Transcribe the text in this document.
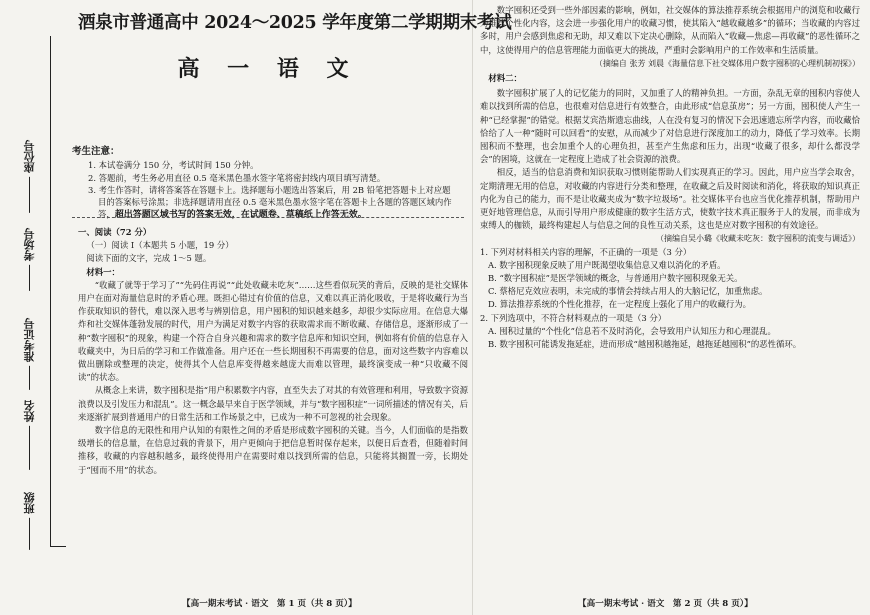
座位号
考场号
准考证号
姓名
班级
酒泉市普通高中 2024～2025 学年度第二学期期末考试
高 一 语 文
考生注意：
1. 本试卷满分 150 分，考试时间 150 分钟。
2. 答题前，考生务必用直径 0.5 毫米黑色墨水签字笔将密封线内项目填写清楚。
3. 考生作答时，请将答案答在答题卡上。选择题每小题选出答案后，用 2B 铅笔把答题卡上对应题目的答案标号涂黑；非选择题请用直径 0.5 毫米黑色墨水签字笔在答题卡上各题的答题区域内作答，超出答题区域书写的答案无效，在试题卷、草稿纸上作答无效。

一、阅读（72 分）

（一）阅读 Ⅰ（本题共 5 小题，19 分）

阅读下面的文字，完成 1～5 题。

材料一：

“收藏了就等于学习了”“先码住再说”“此处收藏未吃灰”……这些看似玩笑的背后，反映的是社交媒体用户在面对海量信息时的矛盾心理。既担心错过有价值的信息，又难以真正消化吸收，于是将收藏行为当作获取知识的替代，难以深入思考与辨别信息，用户囤积的知识越来越多，却很少实际应用。在信息大爆炸和社交媒体蓬勃发展的时代，用户为满足对数字内容的获取需求而不断收藏、存储信息，逐渐形成了一种“数字囤积”的现象，构建一个符合自身兴趣和需求的数字信息库和知识空间，例如将有价值的信息存入收藏夹中，为日后的学习和工作做准备。用户还在一些长期囤积不再需要的信息，面对这些数字内容难以做出删除或整理的决定，使得其个人信息库变得越来越庞大而难以管理，最终演变成一种“只收藏不阅读”的状态。

从概念上来讲，数字囤积是指“用户积累数字内容，直至失去了对其的有效管理和利用，导致数字资源浪费以及引发压力和混乱”。这一概念最早来自于医学领域，并与“数字囤积症”一词所描述的情况有关，后来逐渐扩展到普通用户的日常生活和工作场景之中，已成为一种不可忽视的社会现象。

数字信息的无限性和用户认知的有限性之间的矛盾是形成数字囤积的关键。当今，人们面临的是指数级增长的信息量，在信息过载的背景下，用户更倾向于把信息暂时保存起来，以便日后查看，但随着时间推移，收藏的内容越积越多，最终使得用户在需要时难以找到所需的信息，只能将其搁置一旁，长期处于“囤而不用”的状态。

数字囤积还受到一些外部因素的影响，例如，社交媒体的算法推荐系统会根据用户的浏览和收藏行为推荐个性化内容，这会进一步强化用户的收藏习惯，使其陷入“越收藏越多”的循环；当收藏的内容过多时，用户会感到焦虑和无助，却又难以下定决心删除，从而陷入“收藏—焦虑—再收藏”的恶性循环之中，这使得用户的信息管理能力面临更大的挑战，严重时会影响用户的工作效率和生活质量。

（摘编自 张芳 刘晨《海量信息下社交媒体用户数字囤积的心理机制初探》）

材料二：

数字囤积扩展了人的记忆能力的同时，又加重了人的精神负担。一方面，杂乱无章的囤积内容使人难以找到所需的信息，也很难对信息进行有效整合，由此形成“信息茧房”；另一方面，囤积使人产生一种“已经掌握”的错觉。根据艾宾浩斯遗忘曲线，人在没有复习的情况下会迅速遗忘所学内容，而收藏恰恰给了人一种“随时可以回看”的安慰，从而减少了对信息进行深度加工的动力，降低了学习效率。长期囤积而不整理，也会加重个人的心理负担，甚至产生焦虑和压力，出现“收藏了很多，却什么都没学会”的困境，这就在一定程度上造成了社会资源的浪费。

相反，适当的信息消费和知识获取习惯则能帮助人们实现真正的学习。因此，用户应当学会取舍，定期清理无用的信息，对收藏的内容进行分类和整理，在收藏之后及时阅读和消化，将获取的知识真正内化为自己的能力，而不是让收藏夹成为“数字垃圾场”。社交媒体平台也应当优化推荐机制，帮助用户更好地管理信息，从而引导用户形成健康的数字生活方式，使数字技术真正服务于人的发展，而非成为束缚人的枷锁，最终构建起人与信息之间的良性互动关系，这也是应对数字囤积的有效途径。

（摘编自吴小璐《收藏未吃灰：数字囤积的流变与调适》）

1. 下列对材料相关内容的理解，不正确的一项是（3 分）

A. 数字囤积现象反映了用户既渴望收集信息又难以消化的矛盾。

B. “数字囤积症”是医学领域的概念，与普通用户数字囤积现象无关。

C. 蔡格尼克效应表明，未完成的事情会持续占用人的大脑记忆，加重焦虑。

D. 算法推荐系统的个性化推荐，在一定程度上强化了用户的收藏行为。

2. 下列选项中，不符合材料观点的一项是（3 分）

A. 囤积过量的“个性化”信息若不及时消化，会导致用户认知压力和心理混乱。

B. 数字囤积可能诱发拖延症，进而形成“越囤积越拖延，越拖延越囤积”的恶性循环。

【高一期末考试 · 语文　第 1 页（共 8 页）】	【高一期末考试 · 语文　第 2 页（共 8 页）】
